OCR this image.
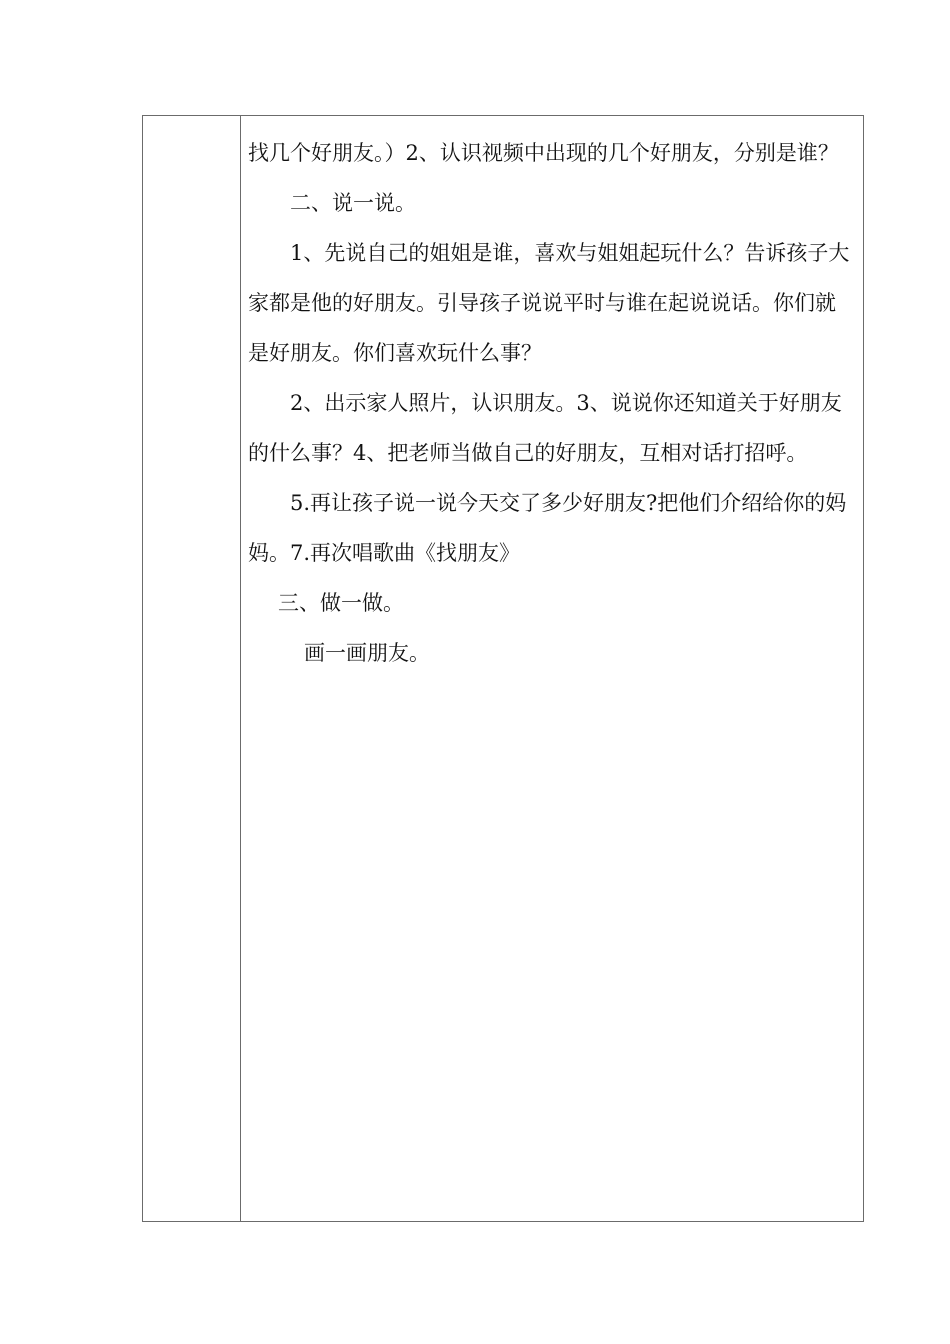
找几个好朋友。）2、认识视频中出现的几个好朋友，分别是谁？

二、说一说。

1、先说自己的姐姐是谁，喜欢与姐姐起玩什么？告诉孩子大家都是他的好朋友。引导孩子说说平时与谁在起说说话。你们就是好朋友。你们喜欢玩什么事？

2、出示家人照片，认识朋友。3、说说你还知道关于好朋友的什么事？4、把老师当做自己的好朋友，互相对话打招呼。

5.再让孩子说一说今天交了多少好朋友?把他们介绍给你的妈妈。7.再次唱歌曲《找朋友》

三、做一做。

画一画朋友。
